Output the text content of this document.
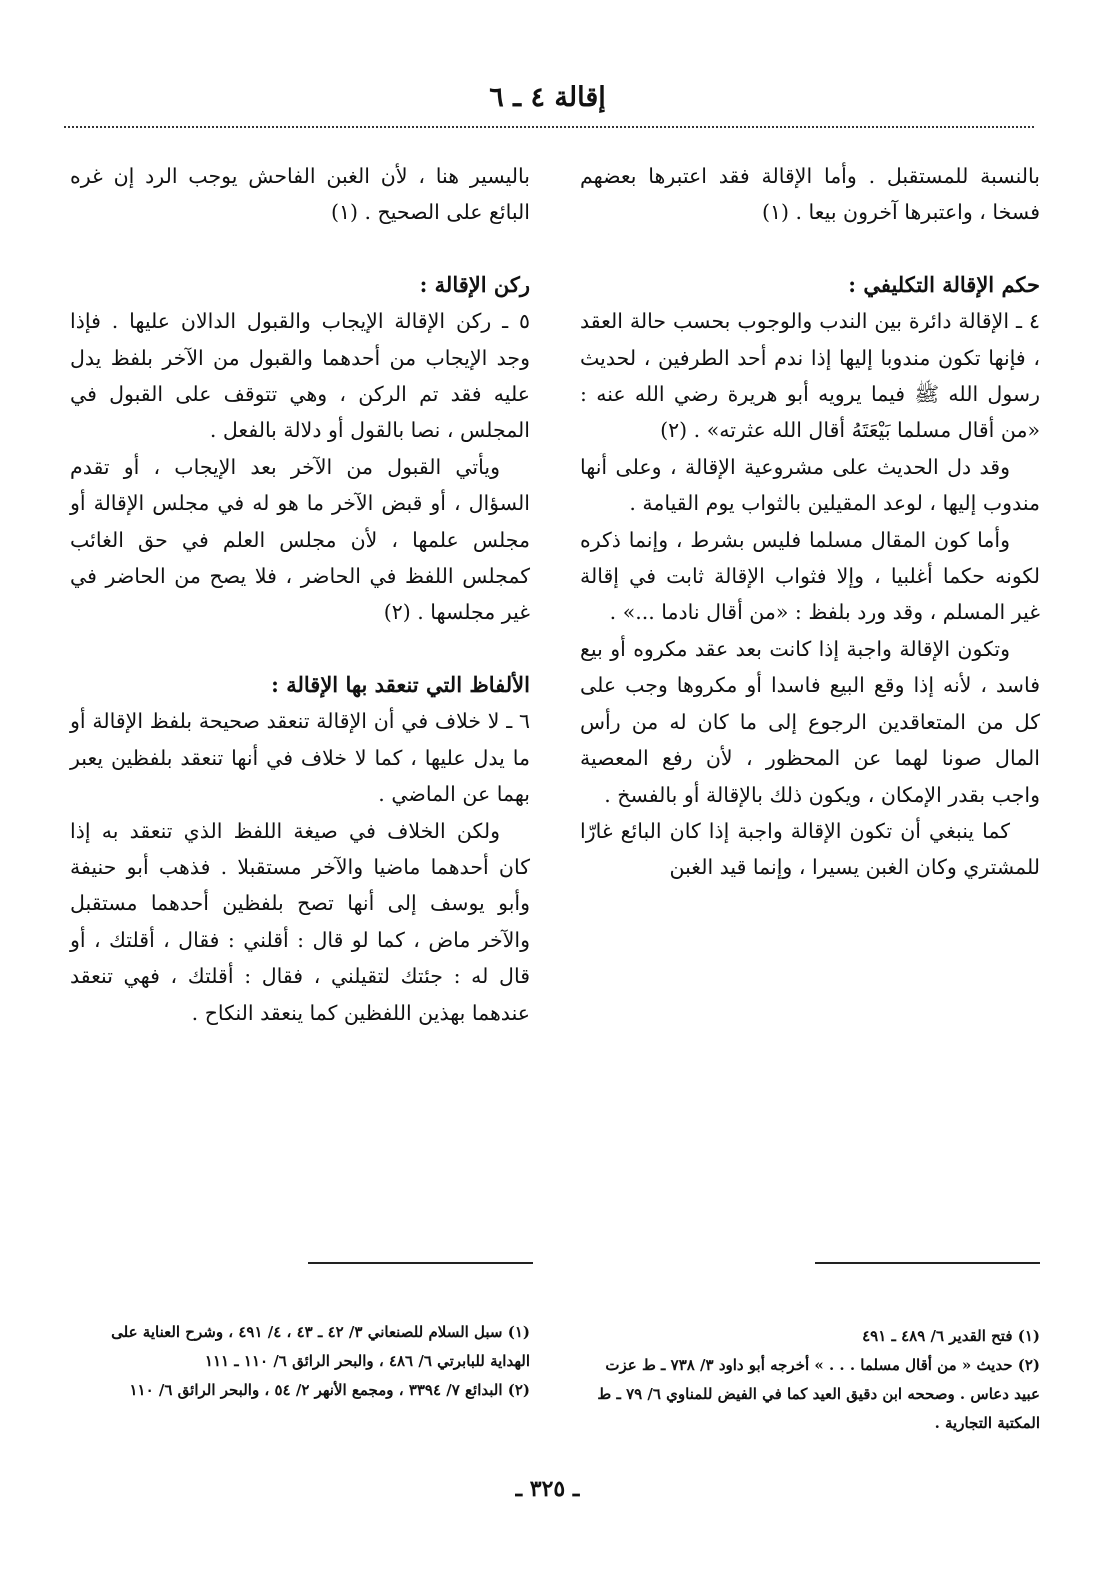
إقالة ٤ ـ ٦

بالنسبة للمستقبل . وأما الإقالة فقد اعتبرها بعضهم فسخا ، واعتبرها آخرون بيعا . (١)

حكم الإقالة التكليفي :

٤ ـ الإقالة دائرة بين الندب والوجوب بحسب حالة العقد ، فإنها تكون مندوبا إليها إذا ندم أحد الطرفين ، لحديث رسول الله ﷺ فيما يرويه أبو هريرة رضي الله عنه : «من أقال مسلما بَيْعَتَهُ أقال الله عثرته» . (٢)

وقد دل الحديث على مشروعية الإقالة ، وعلى أنها مندوب إليها ، لوعد المقيلين بالثواب يوم القيامة .

وأما كون المقال مسلما فليس بشرط ، وإنما ذكره لكونه حكما أغلبيا ، وإلا فثواب الإقالة ثابت في إقالة غير المسلم ، وقد ورد بلفظ : «من أقال نادما ...» .

وتكون الإقالة واجبة إذا كانت بعد عقد مكروه أو بيع فاسد ، لأنه إذا وقع البيع فاسدا أو مكروها وجب على كل من المتعاقدين الرجوع إلى ما كان له من رأس المال صونا لهما عن المحظور ، لأن رفع المعصية واجب بقدر الإمكان ، ويكون ذلك بالإقالة أو بالفسخ .

كما ينبغي أن تكون الإقالة واجبة إذا كان البائع غارّا للمشتري وكان الغبن يسيرا ، وإنما قيد الغبن

باليسير هنا ، لأن الغبن الفاحش يوجب الرد إن غره البائع على الصحيح . (١)

ركن الإقالة :

٥ ـ ركن الإقالة الإيجاب والقبول الدالان عليها . فإذا وجد الإيجاب من أحدهما والقبول من الآخر بلفظ يدل عليه فقد تم الركن ، وهي تتوقف على القبول في المجلس ، نصا بالقول أو دلالة بالفعل .

ويأتي القبول من الآخر بعد الإيجاب ، أو تقدم السؤال ، أو قبض الآخر ما هو له في مجلس الإقالة أو مجلس علمها ، لأن مجلس العلم في حق الغائب كمجلس اللفظ في الحاضر ، فلا يصح من الحاضر في غير مجلسها . (٢)

الألفاظ التي تنعقد بها الإقالة :

٦ ـ لا خلاف في أن الإقالة تنعقد صحيحة بلفظ الإقالة أو ما يدل عليها ، كما لا خلاف في أنها تنعقد بلفظين يعبر بهما عن الماضي .

ولكن الخلاف في صيغة اللفظ الذي تنعقد به إذا كان أحدهما ماضيا والآخر مستقبلا . فذهب أبو حنيفة وأبو يوسف إلى أنها تصح بلفظين أحدهما مستقبل والآخر ماض ، كما لو قال : أقلني : فقال ، أقلتك ، أو قال له : جئتك لتقيلني ، فقال : أقلتك ، فهي تنعقد عندهما بهذين اللفظين كما ينعقد النكاح .

(١) فتح القدير ٦/ ٤٨٩ ـ ٤٩١

(٢) حديث « من أقال مسلما . . . » أخرجه أبو داود ٣/ ٧٣٨ ـ ط عزت عبيد دعاس . وصححه ابن دقيق العيد كما في الفيض للمناوي ٦/ ٧٩ ـ ط المكتبة التجارية .

(١) سبل السلام للصنعاني ٣/ ٤٢ ـ ٤٣ ، ٤/ ٤٩١ ، وشرح العناية على الهداية للبابرتي ٦/ ٤٨٦ ، والبحر الرائق ٦/ ١١٠ ـ ١١١

(٢) البدائع ٧/ ٣٣٩٤ ، ومجمع الأنهر ٢/ ٥٤ ، والبحر الرائق ٦/ ١١٠

ـ ٣٢٥ ـ
